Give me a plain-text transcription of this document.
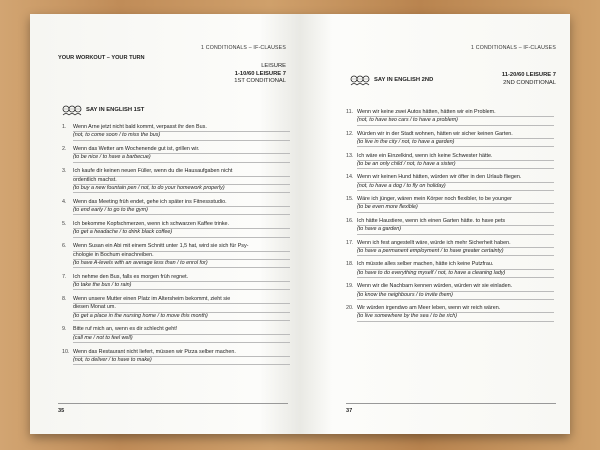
1 CONDITIONALS – IF-CLAUSES
YOUR WORKOUT – YOUR TURN
LEISURE
1-10/60 LEISURE 7
1ST CONDITIONAL
SAY IN ENGLISH 1ST
1.	Wenn Arne jetzt nicht bald kommt, verpasst ihr den Bus.
(not, to come soon / to miss the bus)
2.	Wenn das Wetter am Wochenende gut ist, grillen wir.
(to be nice / to have a barbecue)
3.	Ich kaufe dir keinen neuen Füller, wenn du die Hausaufgaben nicht
ordentlich machst.
(to buy a new fountain pen / not, to do your homework properly)
4.	Wenn das Meeting früh endet, gehe ich später ins Fitnessstudio.
(to end early / to go to the gym)
5.	Ich bekomme Kopfschmerzen, wenn ich schwarzen Kaffee trinke.
(to get a headache / to drink black coffee)
6.	Wenn Susan ein Abi mit einem Schnitt unter 1,5 hat, wird sie sich für Psy-
chologie in Bochum einschreiben.
(to have A-levels with an average less than / to enrol for)
7.	Ich nehme den Bus, falls es morgen früh regnet.
(to take the bus / to rain)
8.	Wenn unsere Mutter einen Platz im Altersheim bekommt, zieht sie
diesen Monat um.
(to get a place in the nursing home / to move this month)
9.	Bitte ruf mich an, wenn es dir schlecht geht!
(call me / not to feel well)
10. Wenn das Restaurant nicht liefert, müssen wir Pizza selber machen.
(not, to deliver / to have to make)
35
1 CONDITIONALS – IF-CLAUSES
SAY IN ENGLISH 2ND
11-20/60 LEISURE 7
2ND CONDITIONAL
11. Wenn wir keine zwei Autos hätten, hätten wir ein Problem.
(not, to have two cars / to have a problem)
12. Würden wir in der Stadt wohnen, hätten wir sicher keinen Garten.
(to live in the city / not, to have a garden)
13. Ich wäre ein Einzelkind, wenn ich keine Schwester hätte.
(to be an only child / not, to have a sister)
14. Wenn wir keinen Hund hätten, würden wir öfter in den Urlaub fliegen.
(not, to have a dog / to fly on holiday)
15. Wäre ich jünger, wären mein Körper noch flexibler, to be younger
(to be even more flexible)
16. Ich hätte Haustiere, wenn ich einen Garten hätte. to have pets
(to have a garden)
17. Wenn ich fest angestellt wäre, würde ich mehr Sicherheit haben.
(to have a permanent employment / to have greater certainty)
18. Ich müsste alles selber machen, hätte ich keine Putzfrau.
(to have to do everything myself / not, to have a cleaning lady)
19. Wenn wir die Nachbarn kennen würden, würden wir sie einladen.
(to know the neighbours / to invite them)
20. Wir würden irgendwo am Meer leben, wenn wir reich wären.
(to live somewhere by the sea / to be rich)
37
